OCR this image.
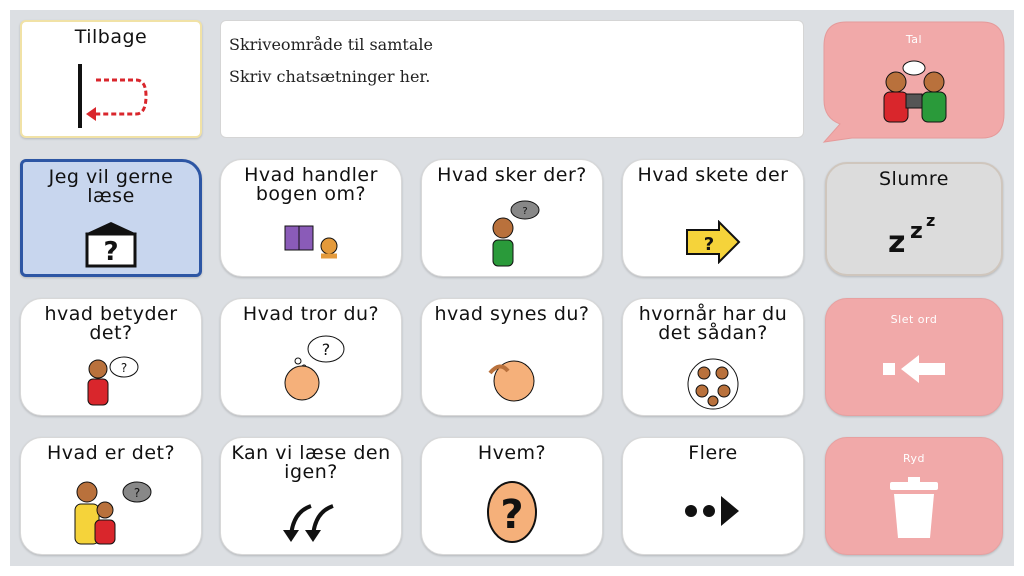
Tilbage	Skriveområde til samtale
Skriv chatsætninger her.
Tal
Jeg vil gerne læse
?
Hvad handler bogen om?
Hvad sker der?
?
Hvad skete der
?
Slumre
z z z
hvad betyder det?
?
Hvad tror du?
?
hvad synes du?	hvornår har du det sådan?
Slet ord
Hvad er det?
?
Kan vi læse den igen?
Hvem?
?
Flere	Ryd
